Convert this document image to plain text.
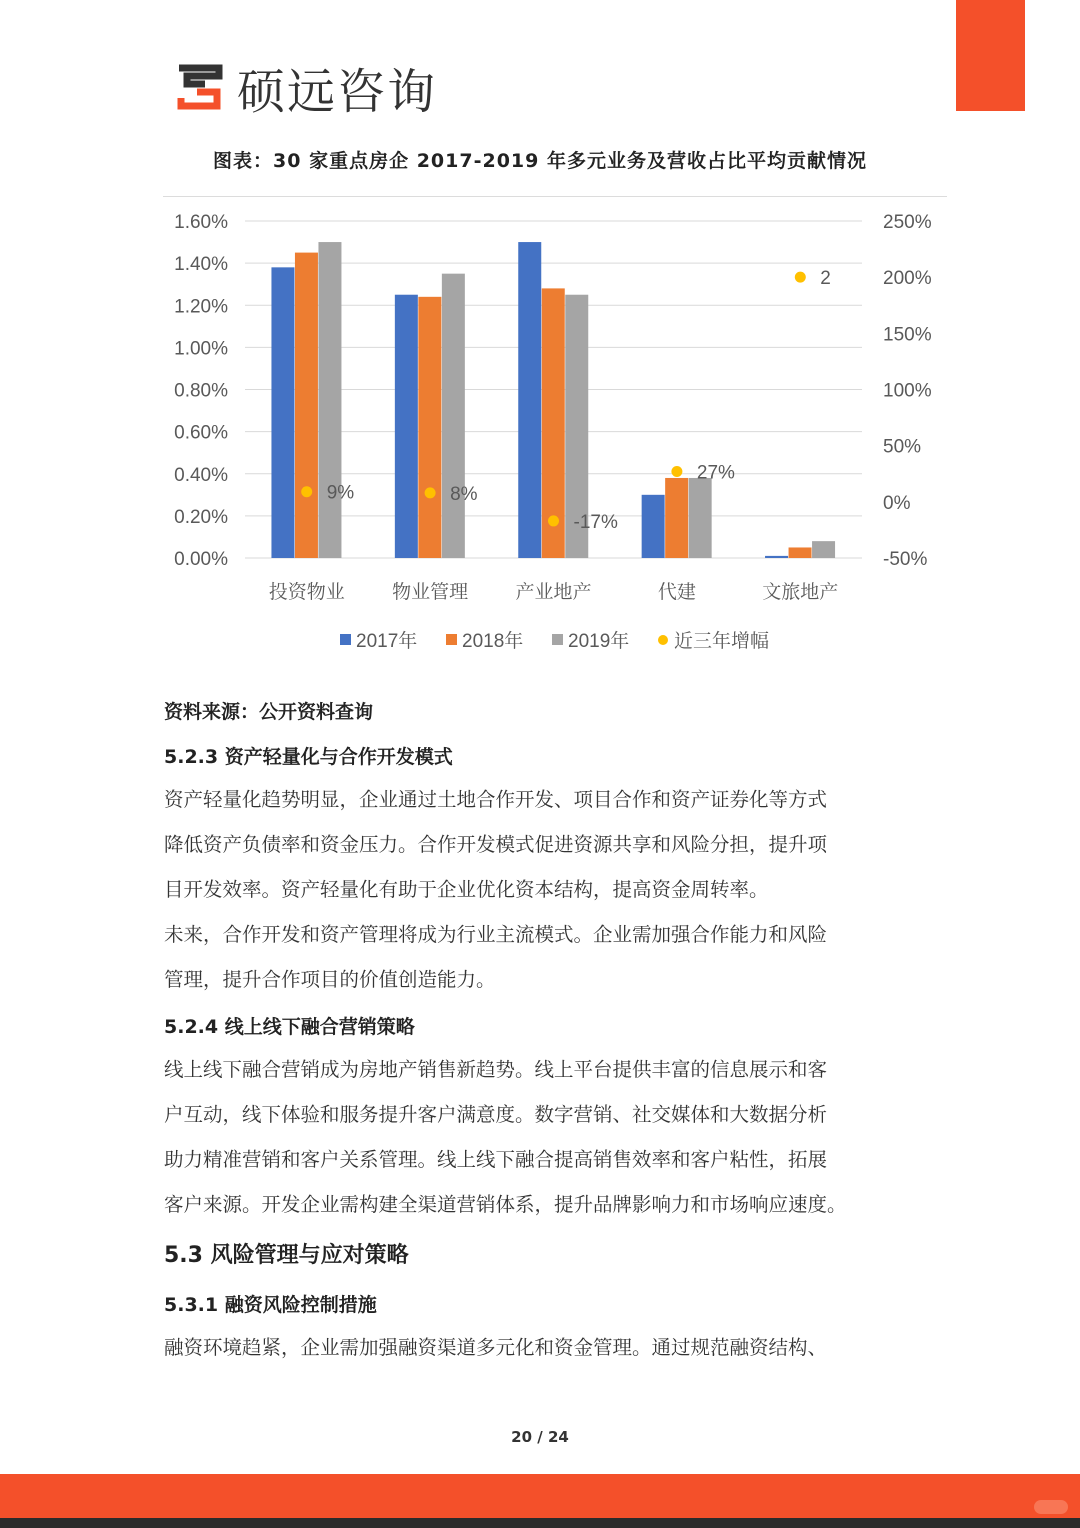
硕远咨询
图表：30 家重点房企 2017-2019 年多元业务及营收占比平均贡献情况
0.00%
0.20%
0.40%
0.60%
0.80%
1.00%
1.20%
1.40%
1.60%
-50%
0%
50%
100%
150%
200%
250%
投资物业 物业管理 产业地产	代建	文旅地产
9%	8%
-17%
27%
2
2017年 2018年 2019年 近三年增幅
资料来源：公开资料查询
5.2.3 资产轻量化与合作开发模式
资产轻量化趋势明显，企业通过土地合作开发、项目合作和资产证券化等方式
降低资产负债率和资金压力。合作开发模式促进资源共享和风险分担，提升项
目开发效率。资产轻量化有助于企业优化资本结构，提高资金周转率。
未来，合作开发和资产管理将成为行业主流模式。企业需加强合作能力和风险
管理，提升合作项目的价值创造能力。
5.2.4 线上线下融合营销策略
线上线下融合营销成为房地产销售新趋势。线上平台提供丰富的信息展示和客
户互动，线下体验和服务提升客户满意度。数字营销、社交媒体和大数据分析
助力精准营销和客户关系管理。线上线下融合提高销售效率和客户粘性，拓展
客户来源。开发企业需构建全渠道营销体系，提升品牌影响力和市场响应速度。
5.3 风险管理与应对策略
5.3.1 融资风险控制措施
融资环境趋紧，企业需加强融资渠道多元化和资金管理。通过规范融资结构、
20 / 24
